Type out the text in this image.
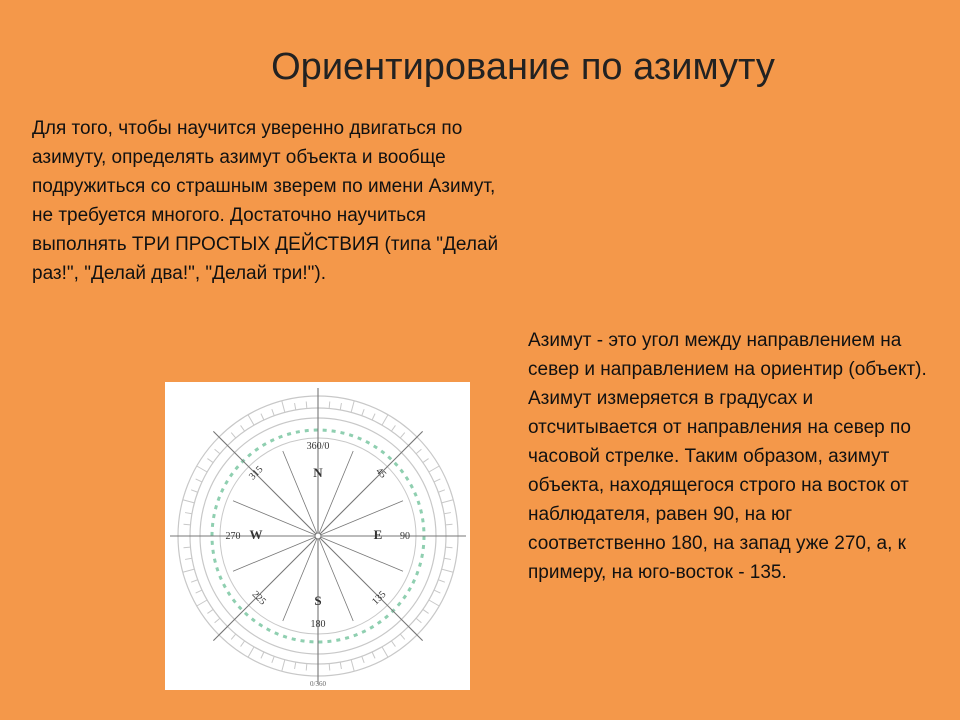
Ориентирование по азимуту

Для того, чтобы научится уверенно двигаться по азимуту, определять азимут объекта и вообще подружиться со страшным зверем по имени Азимут, не требуется многого. Достаточно научиться выполнять ТРИ ПРОСТЫХ ДЕЙСТВИЯ (типа "Делай раз!", "Делай два!", "Делай три!").

Азимут - это угол между направлением на север и направлением на ориентир (объект). Азимут измеряется в градусах и отсчитывается от направления на север по часовой стрелке. Таким образом, азимут объекта, находящегося строго на восток от наблюдателя, равен 90, на юг соответственно 180, на запад уже 270, а, к примеру, на юго-восток - 135.

N
E
S
W
360/0
90
180
270
45
135
225
315
0/360
